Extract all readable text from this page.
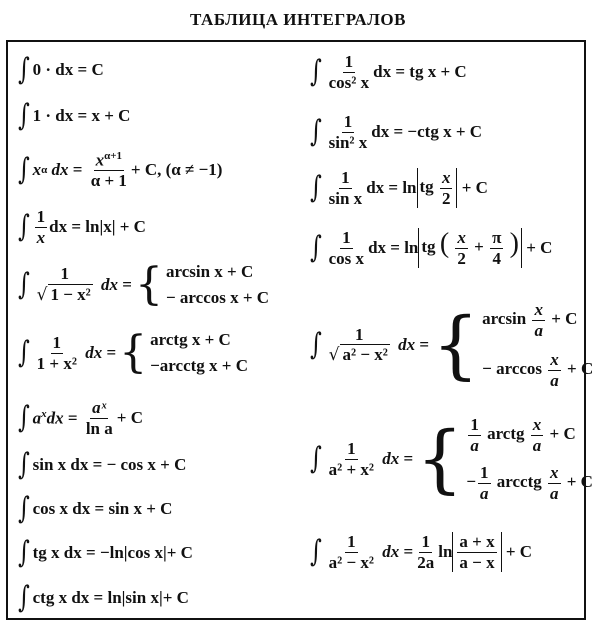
ТАБЛИЦА ИНТЕГРАЛОВ
∫ 0 · dx = C
∫ 1 · dx = x + C
∫ x α dx = $\frac{x^{\alpha+1}}{\alpha + 1} + C$, (α ≠ −1)
∫ $\frac{1}{x}$ dx = ln|x| + C
∫ $\frac{1}{\text{√ 1 − x²}}$ dx = { arcsin x + C
− arccos x + C
∫ $\frac{1}{\text{1 + x²}}$ dx = { arctg x + C
−arcctg x + C
∫ $a^xdx = \frac{\text{aˣ}}{\text{ln a}} + C$
∫ sin x dx = − cos x + C
∫ cos x dx = sin x + C
∫ tg x dx = −ln|cos x|+ C
∫ ctg x dx = ln|sin x|+ C
∫ $\frac{1}{\text{cos² x}}$ dx = tg x + C
∫ $\frac{1}{\text{sin² x}}$ dx = −ctg x + C
∫ $\frac{1}{\text{sin x}}$ dx = ln tg $\frac{x}{2}$
+ C
∫ $\frac{1}{\text{cos x}}$ dx = ln tg ( $\frac{x}{2} + \frac{\pi}{4}$ )
+ C
∫ $\frac{1}{\text{√ a² − x²}}$ dx = { $\arcsin \frac{x}{a} + C$
− $\arccos \frac{x}{a} + C$
∫ $\frac{1}{\text{a² + x²}}$ dx = { $\frac{1}{a}$ arctg $\frac{x}{a} + C$
− $\frac{1}{a}$ arcctg $\frac{x}{a} + C$
∫ $\frac{1}{\text{a² − x²}}$ dx = $\frac{1}{2a}$ $\ln \frac{a + x}{a - x}$
+ C
